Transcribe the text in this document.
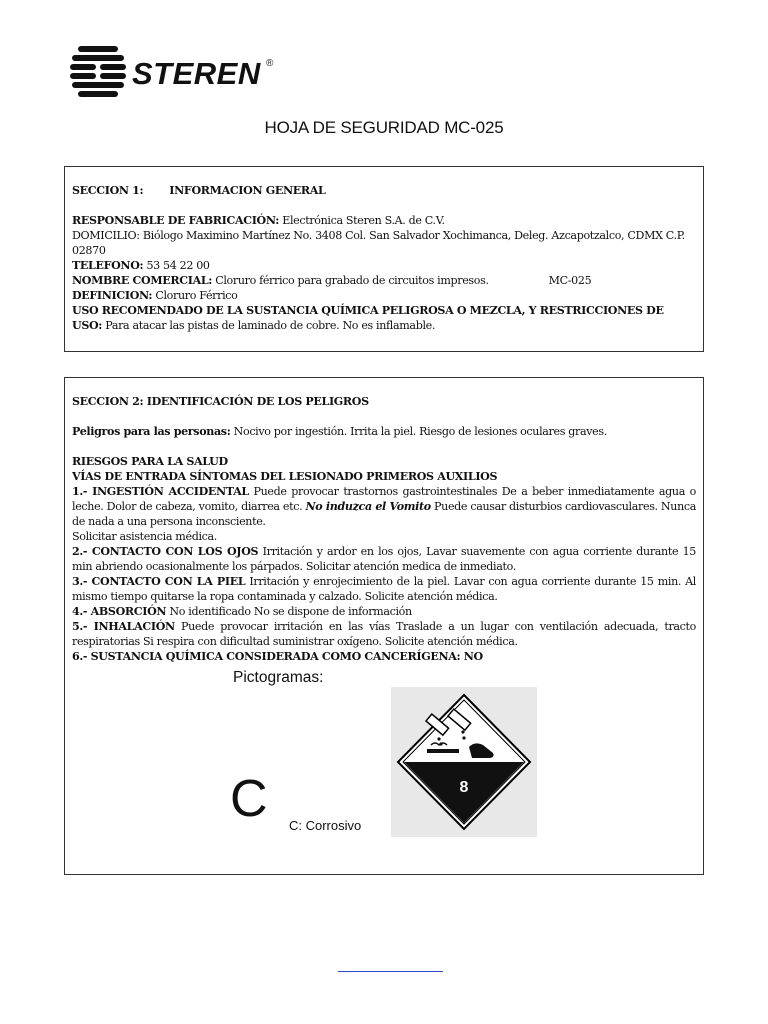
STEREN ®
HOJA DE SEGURIDAD MC-025
SECCION 1: INFORMACION GENERAL
RESPONSABLE DE FABRICACIÓN: Electrónica Steren S.A. de C.V.
DOMICILIO: Biólogo Maximino Martínez No. 3408 Col. San Salvador Xochimanca, Deleg. Azcapotzalco, CDMX C.P. 02870
TELEFONO: 53 54 22 00
NOMBRE COMERCIAL: Cloruro férrico para grabado de circuitos impresos.	MC-025
DEFINICION: Cloruro Férrico
USO RECOMENDADO DE LA SUSTANCIA QUÍMICA PELIGROSA O MEZCLA, Y RESTRICCIONES DE USO: Para atacar las pistas de laminado de cobre. No es inflamable.
SECCION 2: IDENTIFICACIÓN DE LOS PELIGROS
Peligros para las personas: Nocivo por ingestión. Irrita la piel. Riesgo de lesiones oculares graves.
RIESGOS PARA LA SALUD
VÍAS DE ENTRADA SÍNTOMAS DEL LESIONADO PRIMEROS AUXILIOS
1.- INGESTIÓN ACCIDENTAL Puede provocar trastornos gastrointestinales De a beber inmediatamente agua o leche. Dolor de cabeza, vomito, diarrea etc. No induzca el Vomito Puede causar disturbios cardiovasculares. Nunca de nada a una persona inconsciente.
Solicitar asistencia médica.
2.- CONTACTO CON LOS OJOS Irritación y ardor en los ojos, Lavar suavemente con agua corriente durante 15 min abriendo ocasionalmente los párpados. Solicitar atención medica de inmediato.
3.- CONTACTO CON LA PIEL Irritación y enrojecimiento de la piel. Lavar con agua corriente durante 15 min. Al mismo tiempo quitarse la ropa contaminada y calzado. Solicite atención médica.
4.- ABSORCIÓN No identificado No se dispone de información
5.- INHALACIÓN Puede provocar irritación en las vías Traslade a un lugar con ventilación adecuada, tracto respiratorias Si respira con dificultad suministrar oxígeno. Solicite atención médica.
6.- SUSTANCIA QUÍMICA CONSIDERADA COMO CANCERÍGENA: NO
Pictogramas:
C C: Corrosivo
8
